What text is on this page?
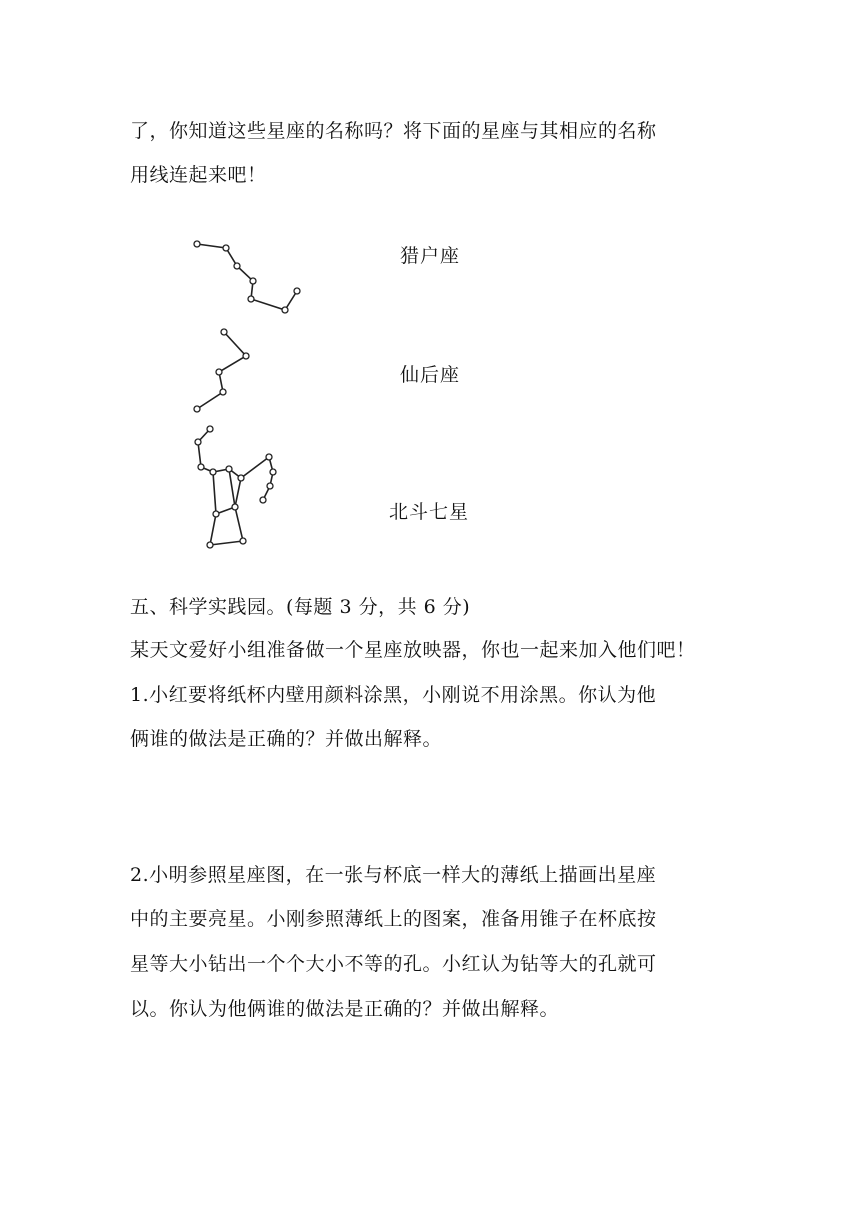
了，你知道这些星座的名称吗？将下面的星座与其相应的名称
用线连起来吧！
猎户座
仙后座
北斗七星
五、科学实践园。(每题 3 分，共 6 分)
某天文爱好小组准备做一个星座放映器，你也一起来加入他们吧！
1.小红要将纸杯内壁用颜料涂黑，小刚说不用涂黑。你认为他
俩谁的做法是正确的？并做出解释。
2.小明参照星座图，在一张与杯底一样大的薄纸上描画出星座
中的主要亮星。小刚参照薄纸上的图案，准备用锥子在杯底按
星等大小钻出一个个大小不等的孔。小红认为钻等大的孔就可
以。你认为他俩谁的做法是正确的？并做出解释。
